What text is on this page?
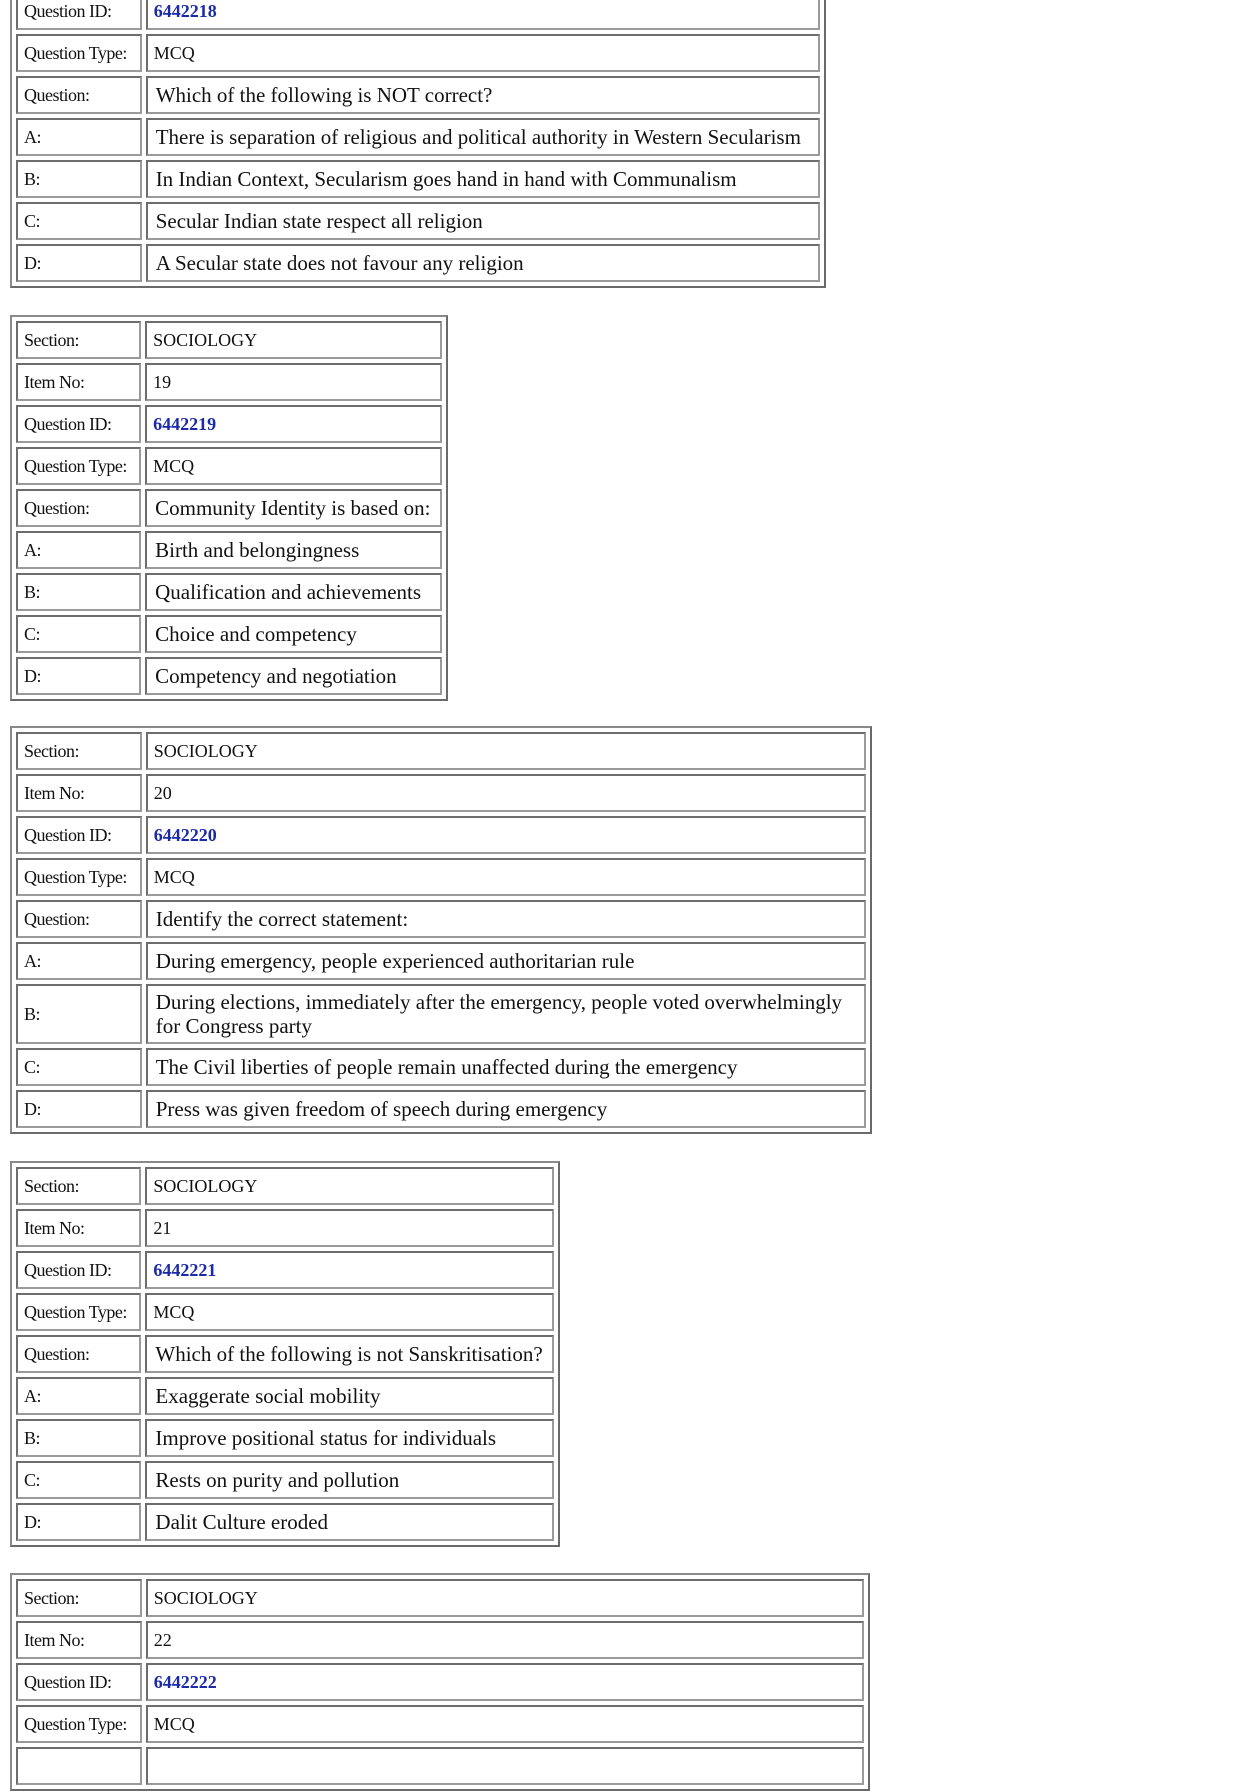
Question ID:	6442218
Question Type:	MCQ
Question:	Which of the following is NOT correct?
A:	There is separation of religious and political authority in Western Secularism
B:	In Indian Context, Secularism goes hand in hand with Communalism
C:	Secular Indian state respect all religion
D:	A Secular state does not favour any religion
Section:	SOCIOLOGY
Item No:	19
Question ID:	6442219
Question Type:	MCQ
Question:	Community Identity is based on:
A:	Birth and belongingness
B:	Qualification and achievements
C:	Choice and competency
D:	Competency and negotiation
Section:	SOCIOLOGY
Item No:	20
Question ID:	6442220
Question Type:	MCQ
Question:	Identify the correct statement:
A:	During emergency, people experienced authoritarian rule
B:	During elections, immediately after the emergency, people voted overwhelmingly for Congress party
C:	The Civil liberties of people remain unaffected during the emergency
D:	Press was given freedom of speech during emergency
Section:	SOCIOLOGY
Item No:	21
Question ID:	6442221
Question Type:	MCQ
Question:	Which of the following is not Sanskritisation?
A:	Exaggerate social mobility
B:	Improve positional status for individuals
C:	Rests on purity and pollution
D:	Dalit Culture eroded
Section:	SOCIOLOGY
Item No:	22
Question ID:	6442222
Question Type:	MCQ
